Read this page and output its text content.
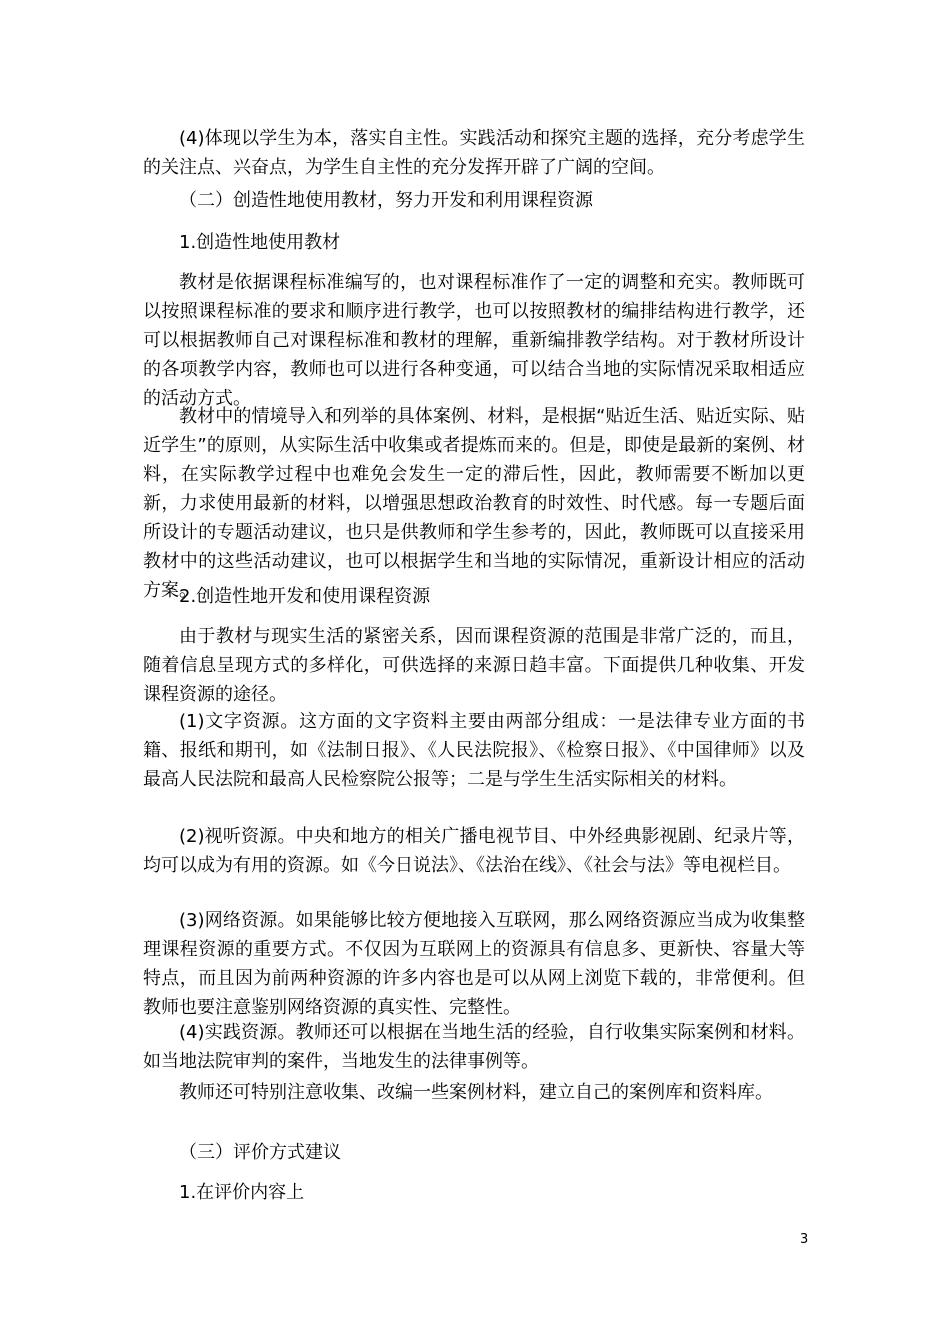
(4)体现以学生为本，落实自主性。实践活动和探究主题的选择，充分考虑学生的关注点、兴奋点，为学生自主性的充分发挥开辟了广阔的空间。

（二）创造性地使用教材，努力开发和利用课程资源

1.创造性地使用教材

教材是依据课程标准编写的，也对课程标准作了一定的调整和充实。教师既可以按照课程标准的要求和顺序进行教学，也可以按照教材的编排结构进行教学，还可以根据教师自己对课程标准和教材的理解，重新编排教学结构。对于教材所设计的各项教学内容，教师也可以进行各种变通，可以结合当地的实际情况采取相适应的活动方式。

教材中的情境导入和列举的具体案例、材料，是根据“贴近生活、贴近实际、贴近学生”的原则，从实际生活中收集或者提炼而来的。但是，即使是最新的案例、材料，在实际教学过程中也难免会发生一定的滞后性，因此，教师需要不断加以更新，力求使用最新的材料，以增强思想政治教育的时效性、时代感。每一专题后面所设计的专题活动建议，也只是供教师和学生参考的，因此，教师既可以直接采用教材中的这些活动建议，也可以根据学生和当地的实际情况，重新设计相应的活动方案。

2.创造性地开发和使用课程资源

由于教材与现实生活的紧密关系，因而课程资源的范围是非常广泛的，而且，随着信息呈现方式的多样化，可供选择的来源日趋丰富。下面提供几种收集、开发课程资源的途径。

(1)文字资源。这方面的文字资料主要由两部分组成：一是法律专业方面的书籍、报纸和期刊，如《法制日报》、《人民法院报》、《检察日报》、《中国律师》以及最高人民法院和最高人民检察院公报等；二是与学生生活实际相关的材料。

(2)视听资源。中央和地方的相关广播电视节目、中外经典影视剧、纪录片等，均可以成为有用的资源。如《今日说法》、《法治在线》、《社会与法》等电视栏目。

(3)网络资源。如果能够比较方便地接入互联网，那么网络资源应当成为收集整理课程资源的重要方式。不仅因为互联网上的资源具有信息多、更新快、容量大等特点，而且因为前两种资源的许多内容也是可以从网上浏览下载的，非常便利。但教师也要注意鉴别网络资源的真实性、完整性。

(4)实践资源。教师还可以根据在当地生活的经验，自行收集实际案例和材料。如当地法院审判的案件，当地发生的法律事例等。

教师还可特别注意收集、改编一些案例材料，建立自己的案例库和资料库。

（三）评价方式建议

1.在评价内容上

3
